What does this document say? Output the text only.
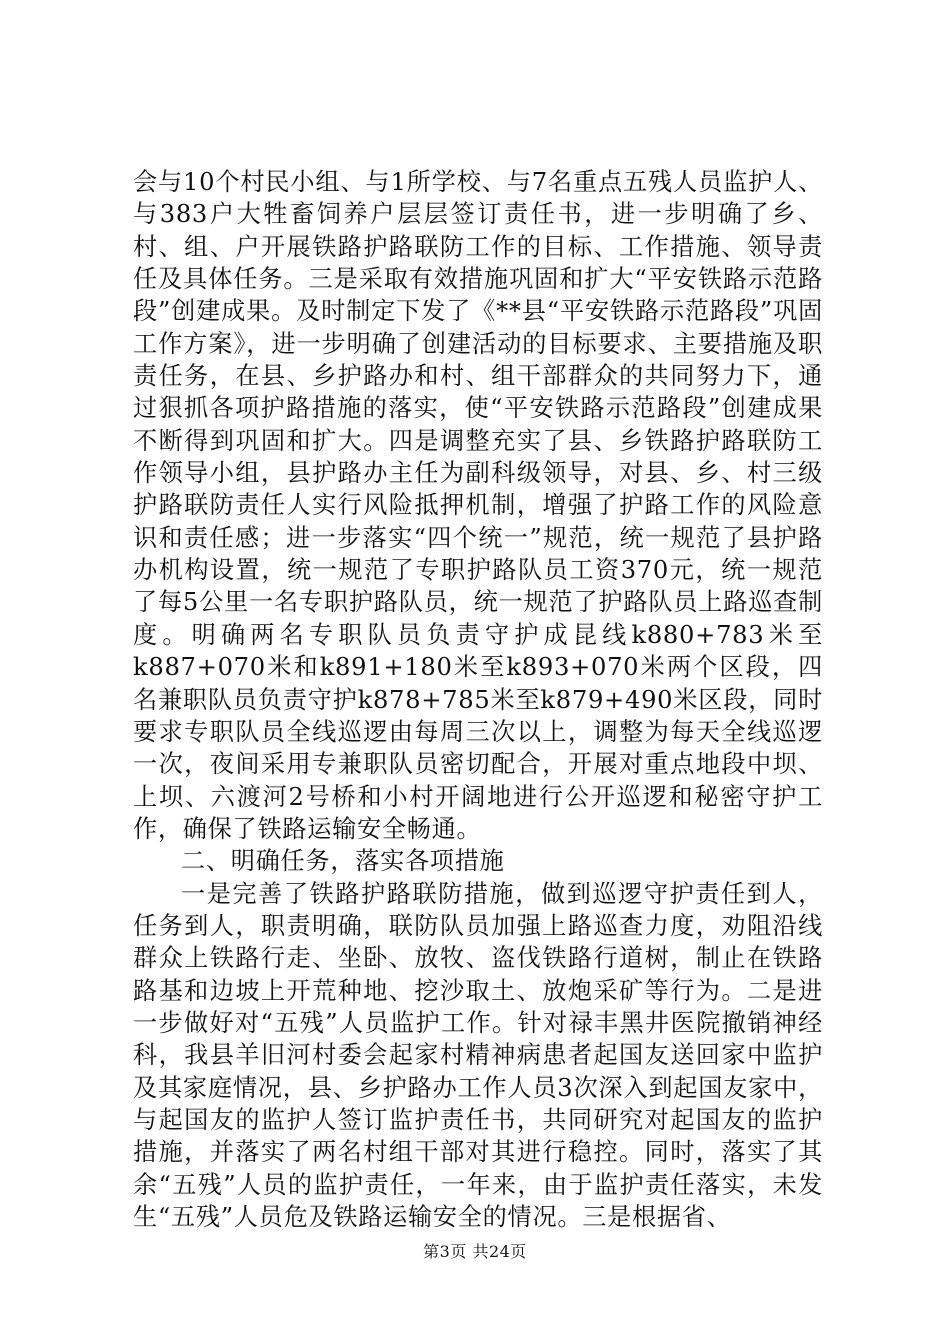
会与10个村民小组、与1所学校、与7名重点五残人员监护人、与383户大牲畜饲养户层层签订责任书，进一步明确了乡、村、组、户开展铁路护路联防工作的目标、工作措施、领导责任及具体任务。三是采取有效措施巩固和扩大“平安铁路示范路段”创建成果。及时制定下发了《**县“平安铁路示范路段”巩固工作方案》，进一步明确了创建活动的目标要求、主要措施及职责任务，在县、乡护路办和村、组干部群众的共同努力下，通过狠抓各项护路措施的落实，使“平安铁路示范路段”创建成果不断得到巩固和扩大。四是调整充实了县、乡铁路护路联防工作领导小组，县护路办主任为副科级领导，对县、乡、村三级护路联防责任人实行风险抵押机制，增强了护路工作的风险意识和责任感；进一步落实“四个统一”规范，统一规范了县护路办机构设置，统一规范了专职护路队员工资370元，统一规范了每5公里一名专职护路队员，统一规范了护路队员上路巡查制度。明确两名专职队员负责守护成昆线k880+783米至k887+070米和k891+180米至k893+070米两个区段，四名兼职队员负责守护k878+785米至k879+490米区段，同时要求专职队员全线巡逻由每周三次以上，调整为每天全线巡逻一次，夜间采用专兼职队员密切配合，开展对重点地段中坝、上坝、六渡河2号桥和小村开阔地进行公开巡逻和秘密守护工作，确保了铁路运输安全畅通。

二、明确任务，落实各项措施

一是完善了铁路护路联防措施，做到巡逻守护责任到人，任务到人，职责明确，联防队员加强上路巡查力度，劝阻沿线群众上铁路行走、坐卧、放牧、盗伐铁路行道树，制止在铁路路基和边坡上开荒种地、挖沙取土、放炮采矿等行为。二是进一步做好对“五残”人员监护工作。针对禄丰黑井医院撤销神经科，我县羊旧河村委会起家村精神病患者起国友送回家中监护及其家庭情况，县、乡护路办工作人员3次深入到起国友家中，与起国友的监护人签订监护责任书，共同研究对起国友的监护措施，并落实了两名村组干部对其进行稳控。同时，落实了其余“五残”人员的监护责任，一年来，由于监护责任落实，未发生“五残”人员危及铁路运输安全的情况。三是根据省、

第3页 共24页
